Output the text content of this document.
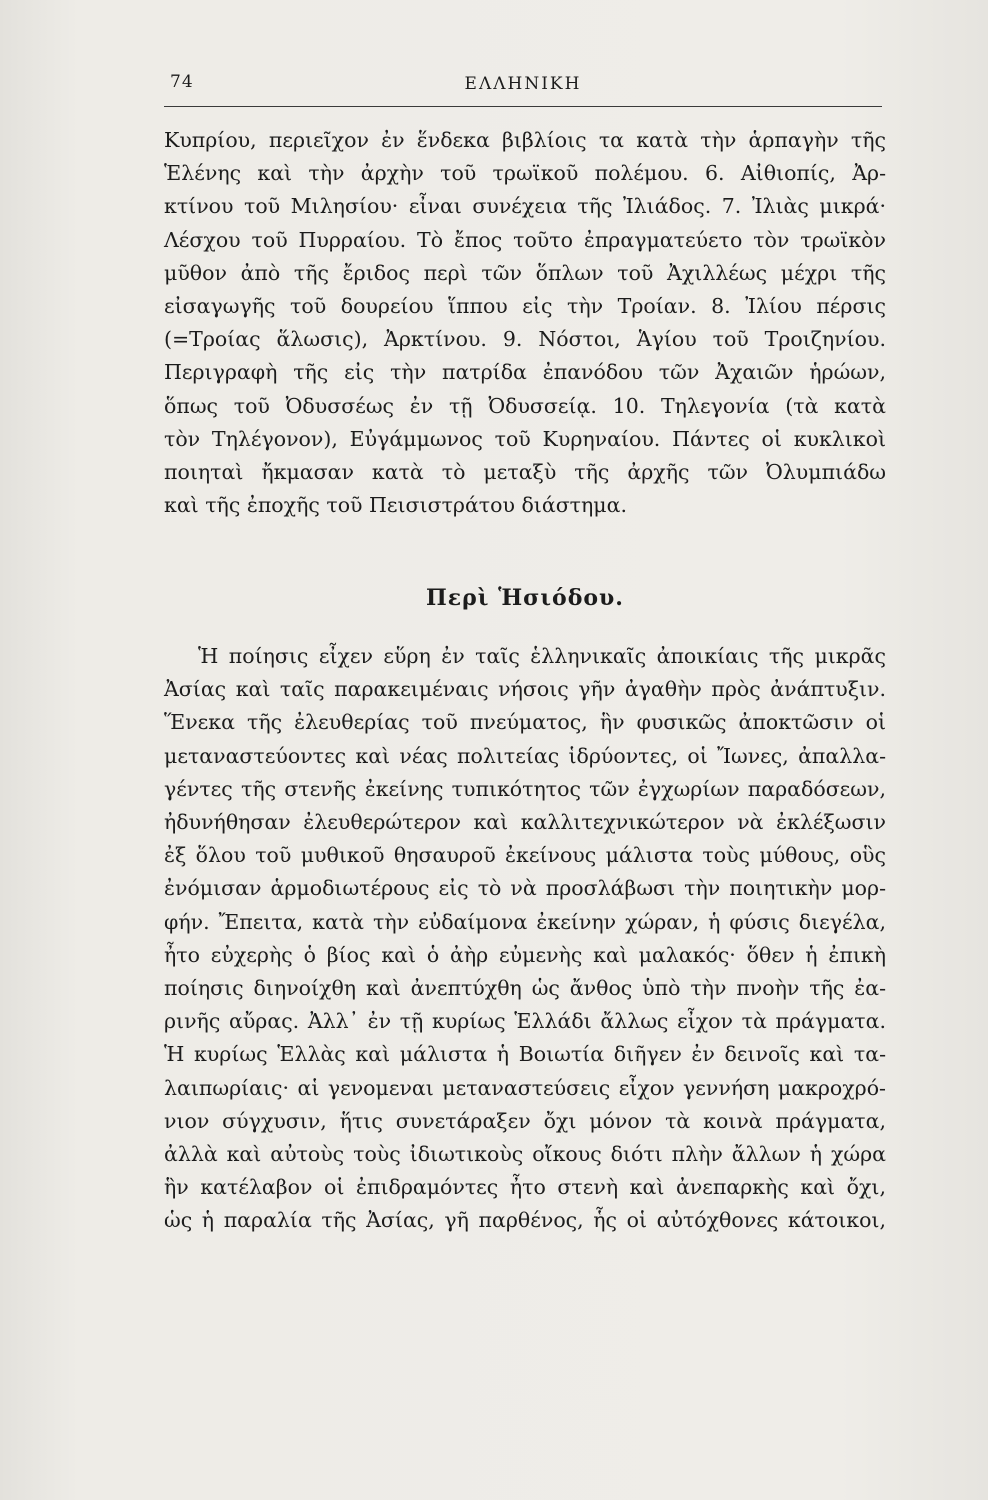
74	ΕΛΛΗΝΙΚΗ
Κυπρίου, περιεῖχον ἐν ἕνδεκα βιβλίοις τα κατὰ τὴν ἁρπαγὴν τῆς
Ἑλένης καὶ τὴν ἀρχὴν τοῦ τρωϊκοῦ πολέμου. 6. Αἰθιοπίς, Ἀρ-
κτίνου τοῦ Μιλησίου· εἶναι συνέχεια τῆς Ἰλιάδος. 7. Ἰλιὰς μικρά·
Λέσχου τοῦ Πυρραίου. Τὸ ἔπος τοῦτο ἐπραγματεύετο τὸν τρωϊκὸν
μῦθον ἀπὸ τῆς ἔριδος περὶ τῶν ὅπλων τοῦ Ἀχιλλέως μέχρι τῆς
εἰσαγωγῆς τοῦ δουρείου ἵππου εἰς τὴν Τροίαν. 8. Ἰλίου πέρσις
(=Τροίας ἅλωσις), Ἀρκτίνου. 9. Νόστοι, Ἁγίου τοῦ Τροιζηνίου.
Περιγραφὴ τῆς εἰς τὴν πατρίδα ἐπανόδου τῶν Ἀχαιῶν ἡρώων,
ὅπως τοῦ Ὀδυσσέως ἐν τῇ Ὀδυσσείᾳ. 10. Τηλεγονία (τὰ κατὰ
τὸν Τηλέγονον), Εὐγάμμωνος τοῦ Κυρηναίου. Πάντες οἱ κυκλικοὶ
ποιηταὶ ἤκμασαν κατὰ τὸ μεταξὺ τῆς ἀρχῆς τῶν Ὀλυμπιάδω
καὶ τῆς ἐποχῆς τοῦ Πεισιστράτου διάστημα.
Περὶ Ἡσιόδου.
Ἡ ποίησις εἶχεν εὕρη ἐν ταῖς ἑλληνικαῖς ἀποικίαις τῆς μικρᾶς
Ἀσίας καὶ ταῖς παρακειμέναις νήσοις γῆν ἀγαθὴν πρὸς ἀνάπτυξιν.
Ἕνεκα τῆς ἐλευθερίας τοῦ πνεύματος, ἣν φυσικῶς ἀποκτῶσιν οἱ
μεταναστεύοντες καὶ νέας πολιτείας ἱδρύοντες, οἱ Ἴωνες, ἀπαλλα-
γέντες τῆς στενῆς ἐκείνης τυπικότητος τῶν ἐγχωρίων παραδόσεων,
ἠδυνήθησαν ἐλευθερώτερον καὶ καλλιτεχνικώτερον νὰ ἐκλέξωσιν
ἐξ ὅλου τοῦ μυθικοῦ θησαυροῦ ἐκείνους μάλιστα τοὺς μύθους, οὓς
ἐνόμισαν ἁρμοδιωτέρους εἰς τὸ νὰ προσλάβωσι τὴν ποιητικὴν μορ-
φήν. Ἔπειτα, κατὰ τὴν εὐδαίμονα ἐκείνην χώραν, ἡ φύσις διεγέλα,
ἦτο εὐχερὴς ὁ βίος καὶ ὁ ἀὴρ εὐμενὴς καὶ μαλακός· ὅθεν ἡ ἐπικὴ
ποίησις διηνοίχθη καὶ ἀνεπτύχθη ὡς ἄνθος ὑπὸ τὴν πνοὴν τῆς ἐα-
ρινῆς αὔρας. Ἀλλ᾽ ἐν τῇ κυρίως Ἑλλάδι ἄλλως εἶχον τὰ πράγματα.
Ἡ κυρίως Ἑλλὰς καὶ μάλιστα ἡ Βοιωτία διῆγεν ἐν δεινοῖς καὶ τα-
λαιπωρίαις· αἱ γενομεναι μεταναστεύσεις εἶχον γεννήση μακροχρό-
νιον σύγχυσιν, ἥτις συνετάραξεν ὄχι μόνον τὰ κοινὰ πράγματα,
ἀλλὰ καὶ αὐτοὺς τοὺς ἰδιωτικοὺς οἴκους διότι πλὴν ἄλλων ἡ χώρα
ἣν κατέλαβον οἱ ἐπιδραμόντες ἦτο στενὴ καὶ ἀνεπαρκὴς καὶ ὄχι,
ὡς ἡ παραλία τῆς Ἀσίας, γῆ παρθένος, ἧς οἱ αὐτόχθονες κάτοικοι,
